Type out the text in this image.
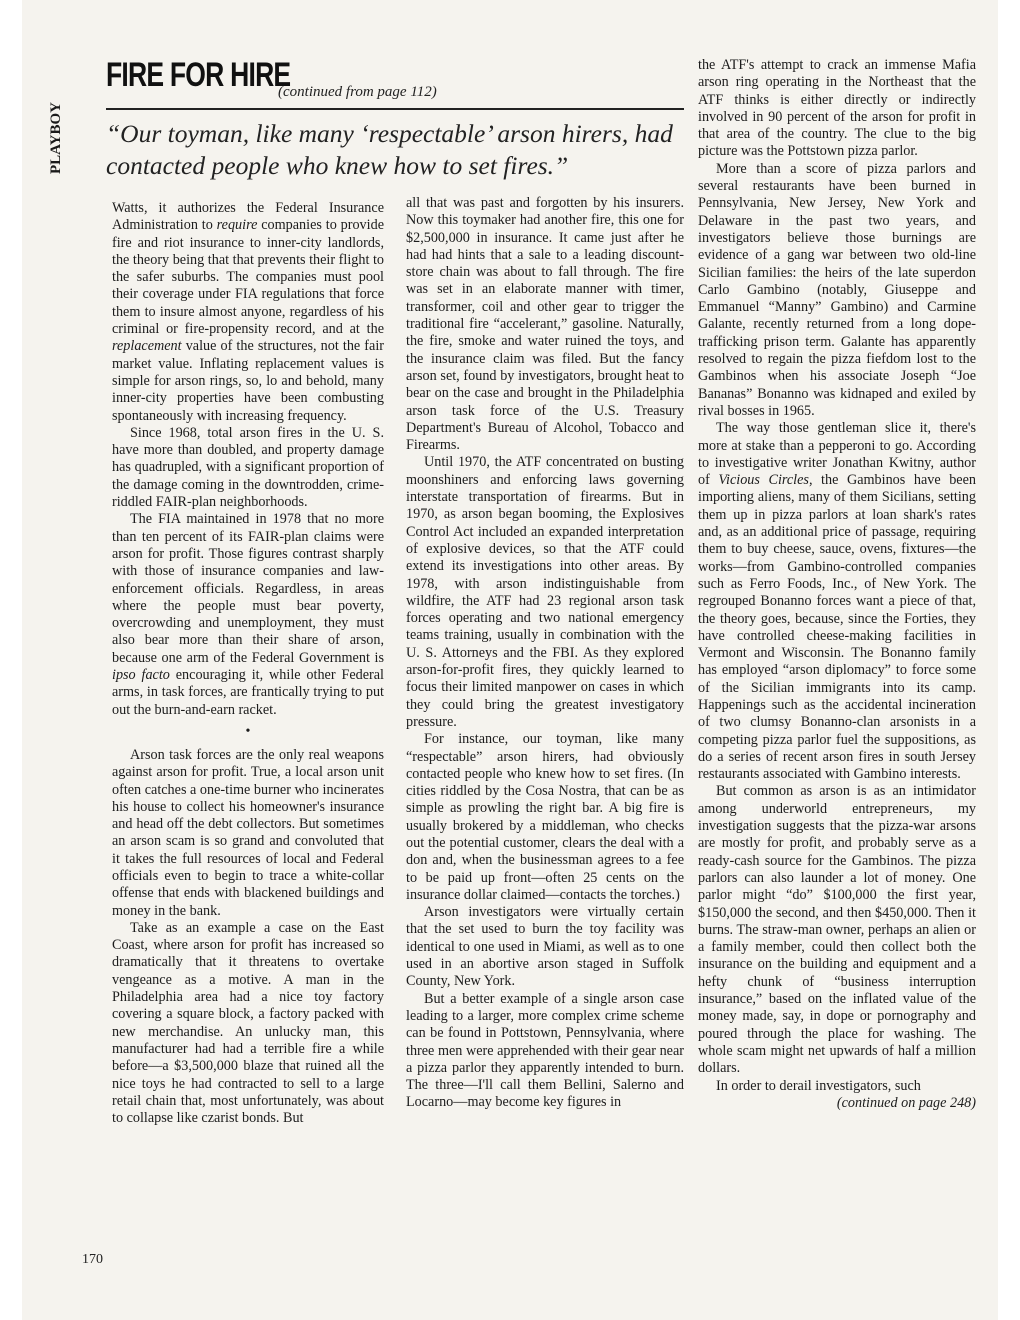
PLAYBOY
FIRE FOR HIRE
(continued from page 112)
“Our toyman, like many ‘respectable’ arson hirers, had contacted people who knew how to set fires.”

Watts, it authorizes the Federal Insurance Administration to require companies to provide fire and riot insurance to inner-city landlords, the theory being that that prevents their flight to the safer suburbs. The companies must pool their coverage under FIA regulations that force them to insure almost anyone, regardless of his criminal or fire-propensity record, and at the replacement value of the structures, not the fair market value. Inflating replacement values is simple for arson rings, so, lo and behold, many inner-city properties have been combusting spontaneously with increasing frequency.

Since 1968, total arson fires in the U. S. have more than doubled, and property damage has quadrupled, with a significant proportion of the damage coming in the downtrodden, crime-riddled FAIR-plan neighborhoods.

The FIA maintained in 1978 that no more than ten percent of its FAIR-plan claims were arson for profit. Those figures contrast sharply with those of insurance companies and law-enforcement officials. Regardless, in areas where the people must bear poverty, overcrowding and unemployment, they must also bear more than their share of arson, because one arm of the Federal Government is ipso facto encouraging it, while other Federal arms, in task forces, are frantically trying to put out the burn-and-earn racket.

•

Arson task forces are the only real weapons against arson for profit. True, a local arson unit often catches a one-time burner who incinerates his house to collect his homeowner's insurance and head off the debt collectors. But sometimes an arson scam is so grand and convoluted that it takes the full resources of local and Federal officials even to begin to trace a white-collar offense that ends with blackened buildings and money in the bank.

Take as an example a case on the East Coast, where arson for profit has increased so dramatically that it threatens to overtake vengeance as a motive. A man in the Philadelphia area had a nice toy factory covering a square block, a factory packed with new merchandise. An unlucky man, this manufacturer had had a terrible fire a while before—a $3,500,000 blaze that ruined all the nice toys he had contracted to sell to a large retail chain that, most unfortunately, was about to collapse like czarist bonds. But

all that was past and forgotten by his insurers. Now this toymaker had another fire, this one for $2,500,000 in insurance. It came just after he had had hints that a sale to a leading discount-store chain was about to fall through. The fire was set in an elaborate manner with timer, transformer, coil and other gear to trigger the traditional fire “accelerant,” gasoline. Naturally, the fire, smoke and water ruined the toys, and the insurance claim was filed. But the fancy arson set, found by investigators, brought heat to bear on the case and brought in the Philadelphia arson task force of the U.S. Treasury Department's Bureau of Alcohol, Tobacco and Firearms.

Until 1970, the ATF concentrated on busting moonshiners and enforcing laws governing interstate transportation of firearms. But in 1970, as arson began booming, the Explosives Control Act included an expanded interpretation of explosive devices, so that the ATF could extend its investigations into other areas. By 1978, with arson indistinguishable from wildfire, the ATF had 23 regional arson task forces operating and two national emergency teams training, usually in combination with the U. S. Attorneys and the FBI. As they explored arson-for-profit fires, they quickly learned to focus their limited manpower on cases in which they could bring the greatest investigatory pressure.

For instance, our toyman, like many “respectable” arson hirers, had obviously contacted people who knew how to set fires. (In cities riddled by the Cosa Nostra, that can be as simple as prowling the right bar. A big fire is usually brokered by a middleman, who checks out the potential customer, clears the deal with a don and, when the businessman agrees to a fee to be paid up front—often 25 cents on the insurance dollar claimed—contacts the torches.)

Arson investigators were virtually certain that the set used to burn the toy facility was identical to one used in Miami, as well as to one used in an abortive arson staged in Suffolk County, New York.

But a better example of a single arson case leading to a larger, more complex crime scheme can be found in Pottstown, Pennsylvania, where three men were apprehended with their gear near a pizza parlor they apparently intended to burn. The three—I'll call them Bellini, Salerno and Locarno—may become key figures in

the ATF's attempt to crack an immense Mafia arson ring operating in the Northeast that the ATF thinks is either directly or indirectly involved in 90 percent of the arson for profit in that area of the country. The clue to the big picture was the Pottstown pizza parlor.

More than a score of pizza parlors and several restaurants have been burned in Pennsylvania, New Jersey, New York and Delaware in the past two years, and investigators believe those burnings are evidence of a gang war between two old-line Sicilian families: the heirs of the late superdon Carlo Gambino (notably, Giuseppe and Emmanuel “Manny” Gambino) and Carmine Galante, recently returned from a long dope-trafficking prison term. Galante has apparently resolved to regain the pizza fiefdom lost to the Gambinos when his associate Joseph “Joe Bananas” Bonanno was kidnaped and exiled by rival bosses in 1965.

The way those gentleman slice it, there's more at stake than a pepperoni to go. According to investigative writer Jonathan Kwitny, author of Vicious Circles, the Gambinos have been importing aliens, many of them Sicilians, setting them up in pizza parlors at loan shark's rates and, as an additional price of passage, requiring them to buy cheese, sauce, ovens, fixtures—the works—from Gambino-controlled companies such as Ferro Foods, Inc., of New York. The regrouped Bonanno forces want a piece of that, the theory goes, because, since the Forties, they have controlled cheese-making facilities in Vermont and Wisconsin. The Bonanno family has employed “arson diplomacy” to force some of the Sicilian immigrants into its camp. Happenings such as the accidental incineration of two clumsy Bonanno-clan arsonists in a competing pizza parlor fuel the suppositions, as do a series of recent arson fires in south Jersey restaurants associated with Gambino interests.

But common as arson is as an intimidator among underworld entrepreneurs, my investigation suggests that the pizza-war arsons are mostly for profit, and probably serve as a ready-cash source for the Gambinos. The pizza parlors can also launder a lot of money. One parlor might “do” $100,000 the first year, $150,000 the second, and then $450,000. Then it burns. The straw-man owner, perhaps an alien or a family member, could then collect both the insurance on the building and equipment and a hefty chunk of “business interruption insurance,” based on the inflated value of the money made, say, in dope or pornography and poured through the place for washing. The whole scam might net upwards of half a million dollars.

In order to derail investigators, such

(continued on page 248)

170
